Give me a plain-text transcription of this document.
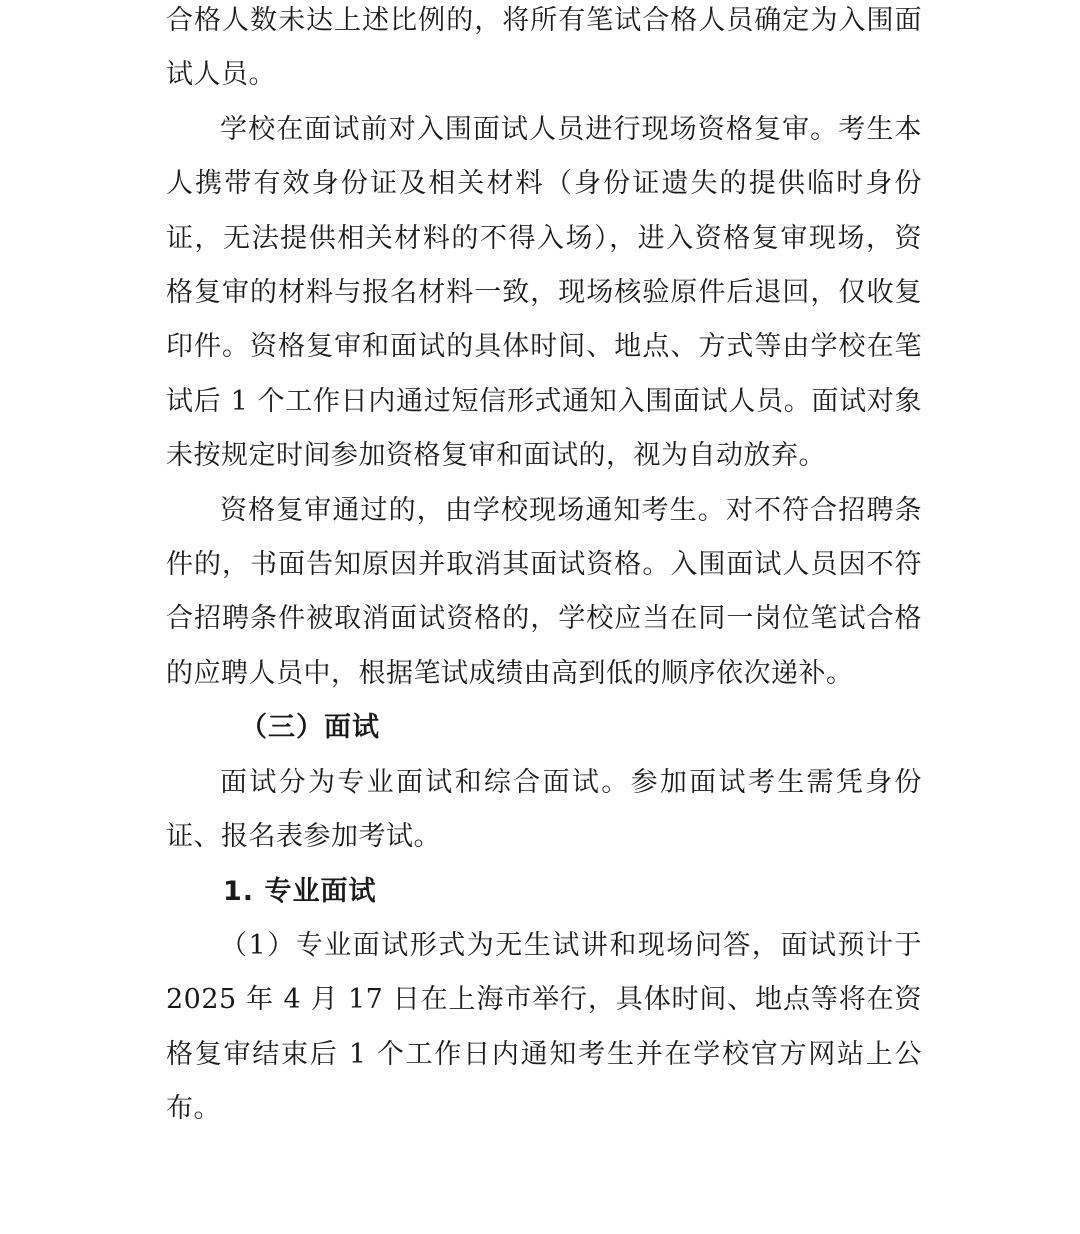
合格人数未达上述比例的，将所有笔试合格人员确定为入围面试人员。

学校在面试前对入围面试人员进行现场资格复审。考生本人携带有效身份证及相关材料（身份证遗失的提供临时身份证，无法提供相关材料的不得入场），进入资格复审现场，资格复审的材料与报名材料一致，现场核验原件后退回，仅收复印件。资格复审和面试的具体时间、地点、方式等由学校在笔试后 1 个工作日内通过短信形式通知入围面试人员。面试对象未按规定时间参加资格复审和面试的，视为自动放弃。

资格复审通过的，由学校现场通知考生。对不符合招聘条件的，书面告知原因并取消其面试资格。入围面试人员因不符合招聘条件被取消面试资格的，学校应当在同一岗位笔试合格的应聘人员中，根据笔试成绩由高到低的顺序依次递补。

（三）面试

面试分为专业面试和综合面试。参加面试考生需凭身份证、报名表参加考试。

1. 专业面试

（1）专业面试形式为无生试讲和现场问答，面试预计于 2025 年 4 月 17 日在上海市举行，具体时间、地点等将在资格复审结束后 1 个工作日内通知考生并在学校官方网站上公布。
